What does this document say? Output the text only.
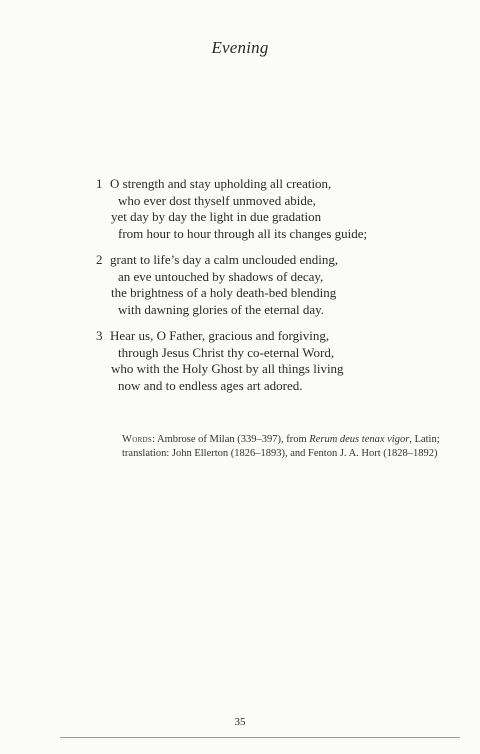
Evening
1 O strength and stay upholding all creation,
who ever dost thyself unmoved abide,
yet day by day the light in due gradation
from hour to hour through all its changes guide;
2 grant to life’s day a calm unclouded ending,
an eve untouched by shadows of decay,
the brightness of a holy death-bed blending
with dawning glories of the eternal day.
3 Hear us, O Father, gracious and forgiving,
through Jesus Christ thy co-eternal Word,
who with the Holy Ghost by all things living
now and to endless ages art adored.
Words: Ambrose of Milan (339–397), from Rerum deus tenax vigor, Latin;
translation: John Ellerton (1826–1893), and Fenton J. A. Hort (1828–1892)
35
